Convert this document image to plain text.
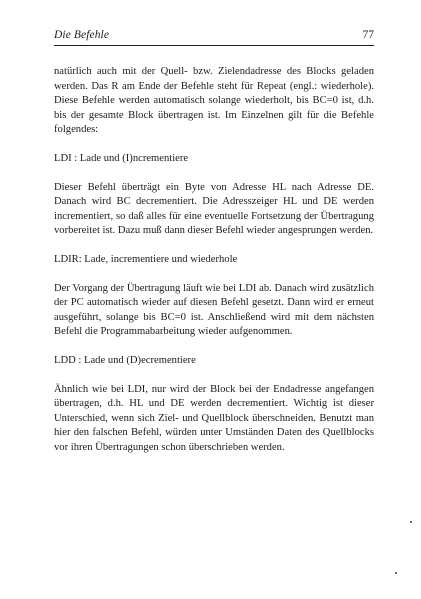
Die Befehle	77

natürlich auch mit der Quell- bzw. Zielendadresse des Blocks geladen werden. Das R am Ende der Befehle steht für Repeat (engl.: wiederhole). Diese Befehle werden automatisch solange wiederholt, bis BC=0 ist, d.h. bis der gesamte Block übertragen ist. Im Einzelnen gilt für die Befehle folgendes:

LDI : Lade und (I)ncrementiere

Dieser Befehl überträgt ein Byte von Adresse HL nach Adresse DE. Danach wird BC decrementiert. Die Adresszeiger HL und DE werden incrementiert, so daß alles für eine eventuelle Fortsetzung der Übertragung vorbereitet ist. Dazu muß dann dieser Befehl wieder angesprungen werden.

LDIR: Lade, incrementiere und wiederhole

Der Vorgang der Übertragung läuft wie bei LDI ab. Danach wird zusätzlich der PC automatisch wieder auf diesen Befehl gesetzt. Dann wird er erneut ausgeführt, solange bis BC=0 ist. Anschließend wird mit dem nächsten Befehl die Programmabarbeitung wieder aufgenommen.

LDD : Lade und (D)ecrementiere

Ähnlich wie bei LDI, nur wird der Block bei der Endadresse angefangen übertragen, d.h. HL und DE werden decrementiert. Wichtig ist dieser Unterschied, wenn sich Ziel- und Quellblock überschneiden. Benutzt man hier den falschen Befehl, würden unter Umständen Daten des Quellblocks vor ihren Übertragungen schon überschrieben werden.
